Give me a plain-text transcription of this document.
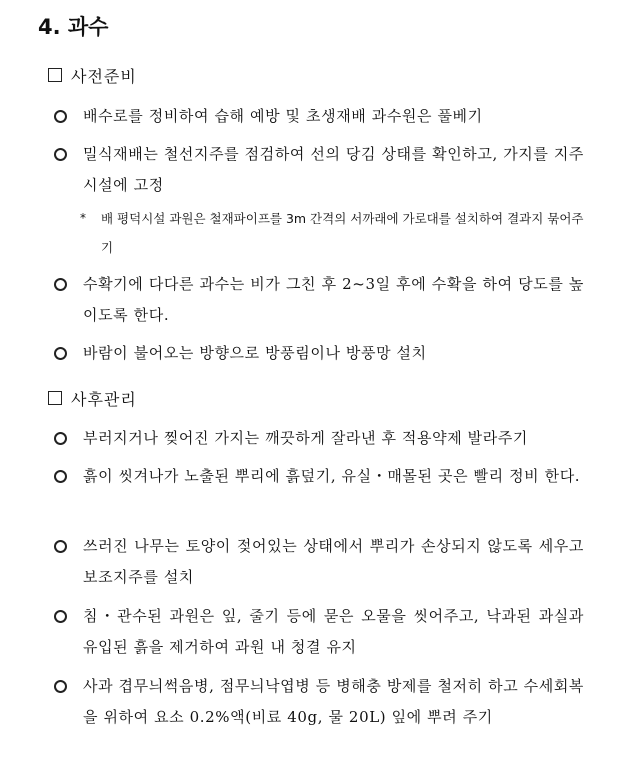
4. 과수
사전준비
배수로를 정비하여 습해 예방 및 초생재배 과수원은 풀베기
밀식재배는 철선지주를 점검하여 선의 당김 상태를 확인하고, 가지를 지주시설에 고정
* 배 평덕시설 과원은 철재파이프를 3m 간격의 서까래에 가로대를 설치하여 결과지 묶어주기
수확기에 다다른 과수는 비가 그친 후 2~3일 후에 수확을 하여 당도를 높이도록 한다.
바람이 불어오는 방향으로 방풍림이나 방풍망 설치
사후관리
부러지거나 찢어진 가지는 깨끗하게 잘라낸 후 적용약제 발라주기
흙이 씻겨나가 노출된 뿌리에 흙덮기, 유실・매몰된 곳은 빨리 정비 한다.
쓰러진 나무는 토양이 젖어있는 상태에서 뿌리가 손상되지 않도록 세우고 보조지주를 설치
침・관수된 과원은 잎, 줄기 등에 묻은 오물을 씻어주고, 낙과된 과실과 유입된 흙을 제거하여 과원 내 청결 유지
사과 겹무늬썩음병, 점무늬낙엽병 등 병해충 방제를 철저히 하고 수세회복을 위하여 요소 0.2%액(비료 40g, 물 20L) 잎에 뿌려 주기
